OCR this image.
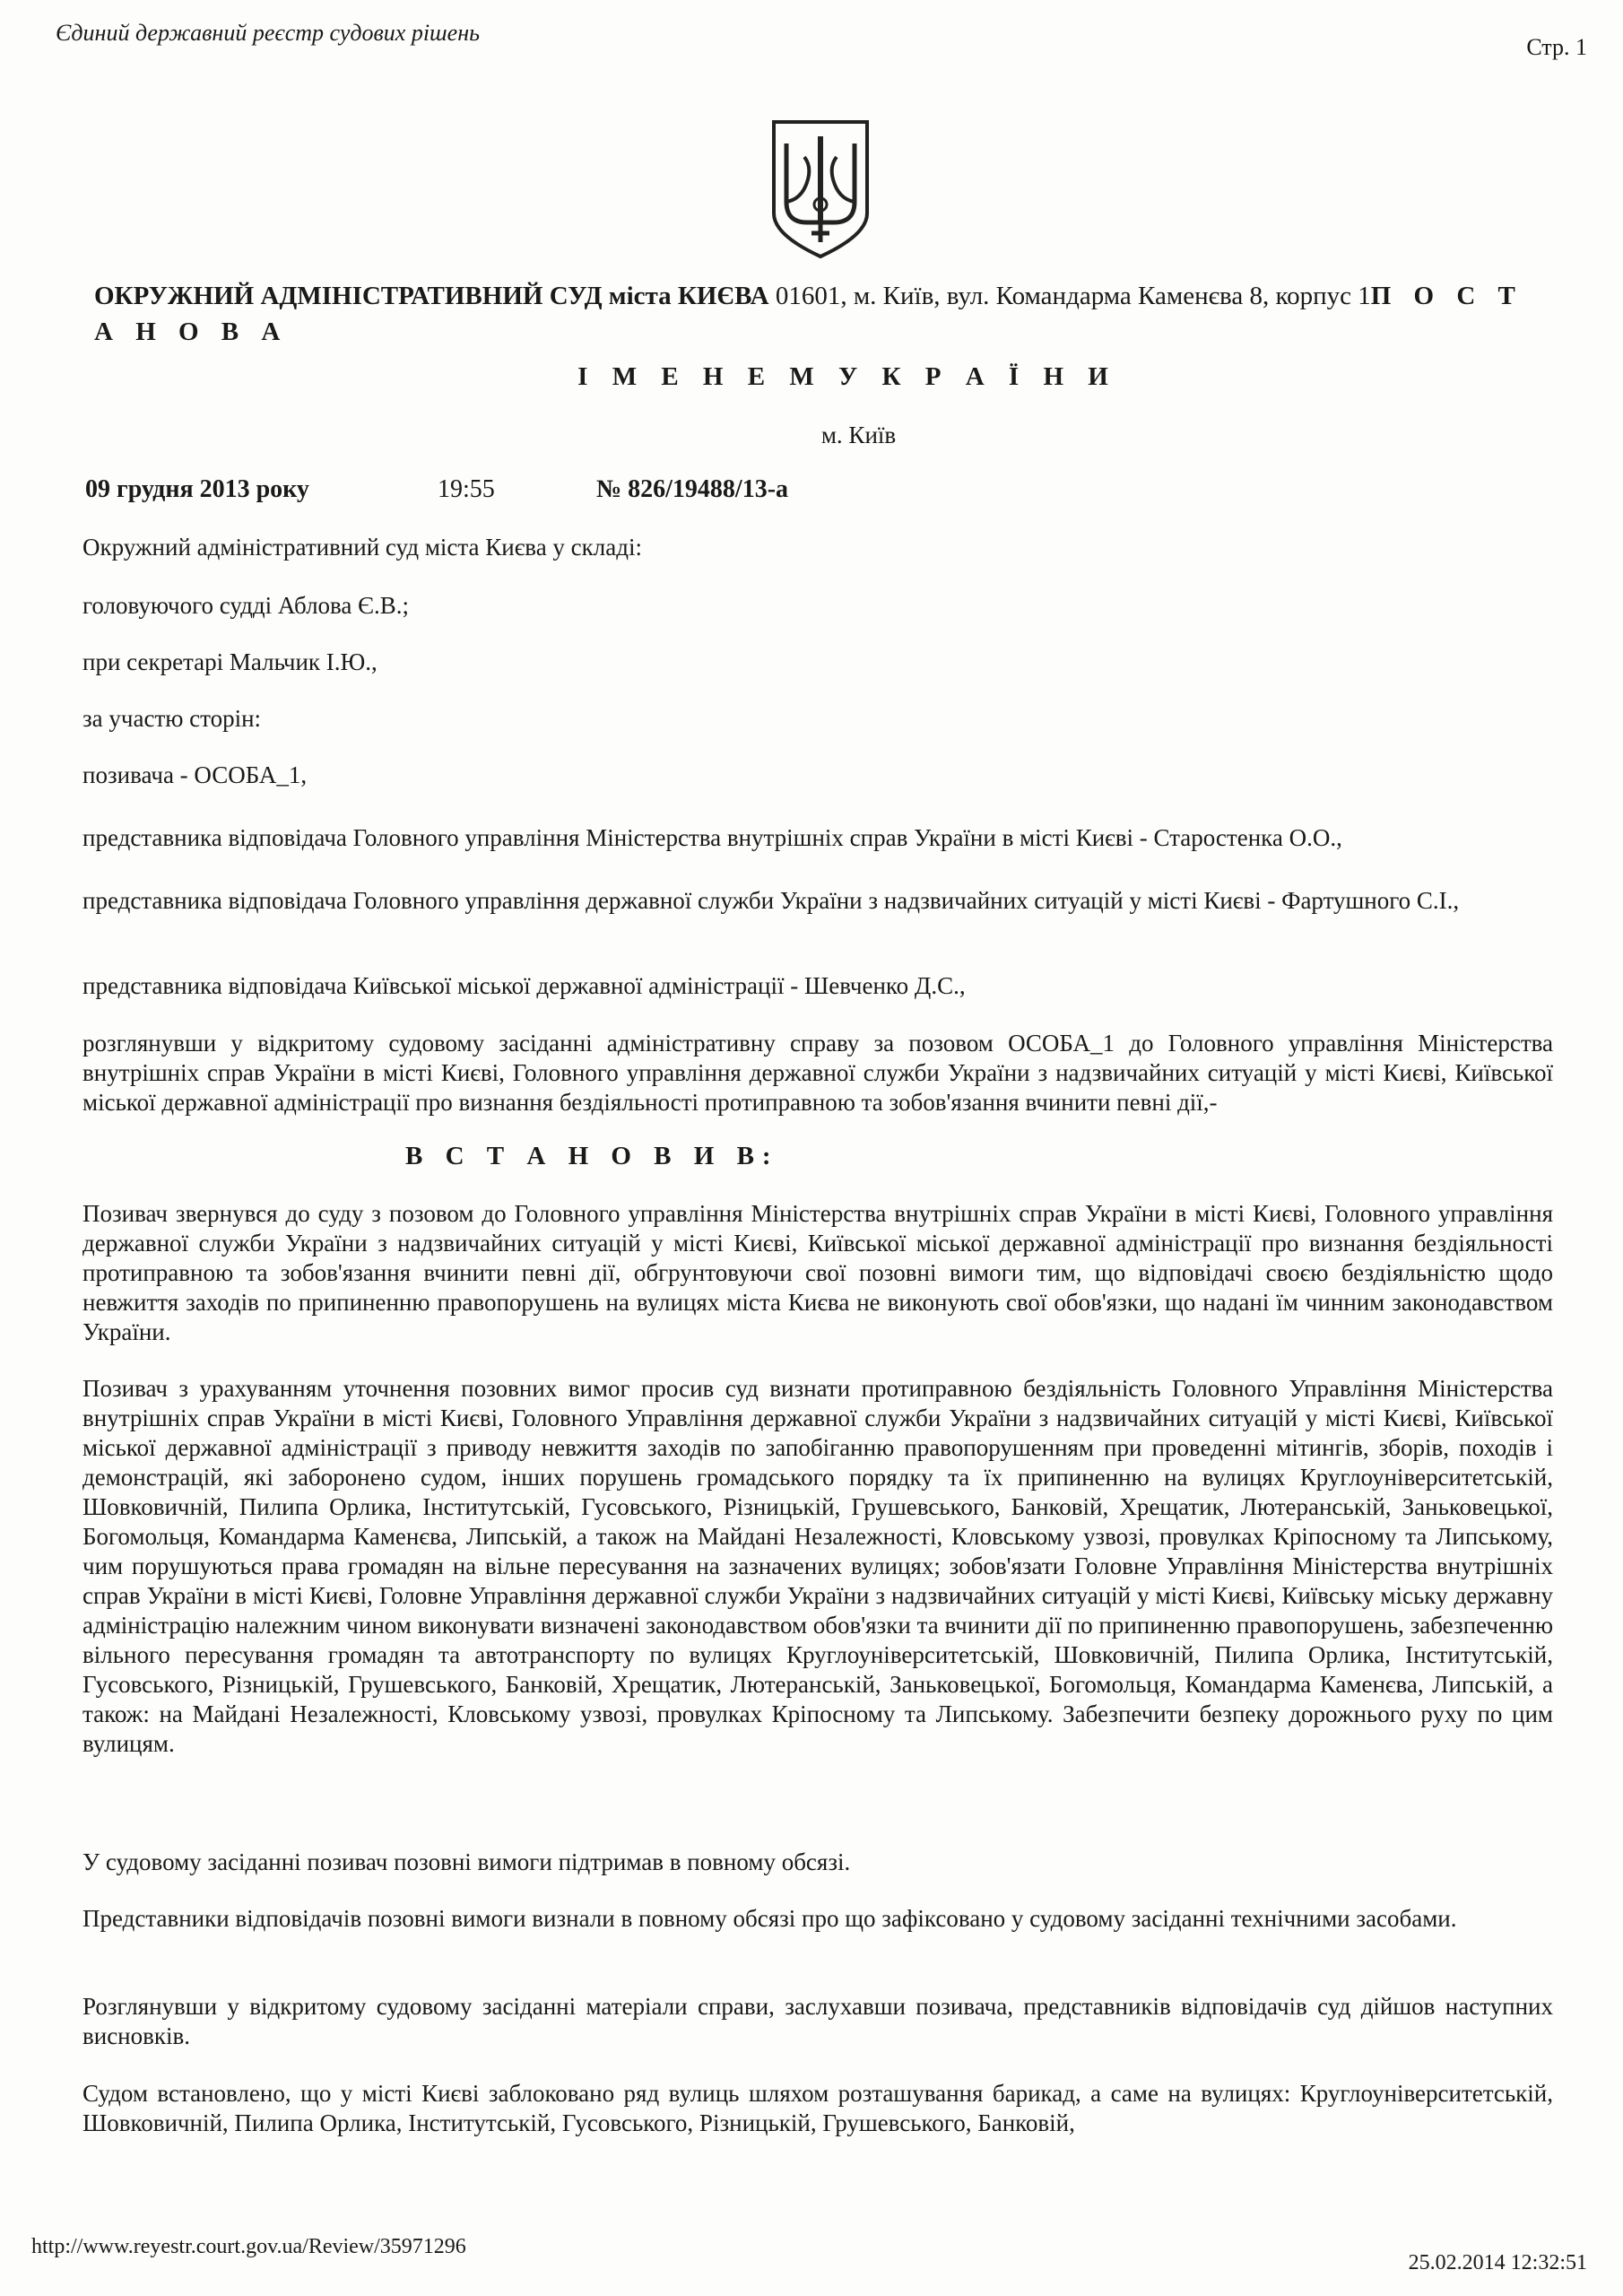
Єдиний державний реєстр судових рішень
Стр. 1
ОКРУЖНИЙ АДМІНІСТРАТИВНИЙ СУД міста КИЄВА 01601, м. Київ, вул. Командарма Каменєва 8, корпус 1П О С Т А Н О В А
І М Е Н Е М У К Р А Ї Н И
м. Київ
09 грудня 2013 року	19:55	№ 826/19488/13-а
Окружний адміністративний суд міста Києва у складі:
головуючого судді Аблова Є.В.;
при секретарі Мальчик І.Ю.,
за участю сторін:
позивача - ОСОБА_1,
представника відповідача Головного управління Міністерства внутрішніх справ України в місті Києві - Старостенка О.О.,
представника відповідача Головного управління державної служби України з надзвичайних ситуацій у місті Києві - Фартушного С.І.,
представника відповідача Київської міської державної адміністрації - Шевченко Д.С.,
розглянувши у відкритому судовому засіданні адміністративну справу за позовом ОСОБА_1 до Головного управління Міністерства внутрішніх справ України в місті Києві, Головного управління державної служби України з надзвичайних ситуацій у місті Києві, Київської міської державної адміністрації про визнання бездіяльності протиправною та зобов'язання вчинити певні дії,-
В С Т А Н О В И В:
Позивач звернувся до суду з позовом до Головного управління Міністерства внутрішніх справ України в місті Києві, Головного управління державної служби України з надзвичайних ситуацій у місті Києві, Київської міської державної адміністрації про визнання бездіяльності протиправною та зобов'язання вчинити певні дії, обгрунтовуючи свої позовні вимоги тим, що відповідачі своєю бездіяльністю щодо невжиття заходів по припиненню правопорушень на вулицях міста Києва не виконують свої обов'язки, що надані їм чинним законодавством України.
Позивач з урахуванням уточнення позовних вимог просив суд визнати протиправною бездіяльність Головного Управління Міністерства внутрішніх справ України в місті Києві, Головного Управління державної служби України з надзвичайних ситуацій у місті Києві, Київської міської державної адміністрації з приводу невжиття заходів по запобіганню правопорушенням при проведенні мітингів, зборів, походів і демонстрацій, які заборонено судом, інших порушень громадського порядку та їх припиненню на вулицях Круглоуніверситетській, Шовковичній, Пилипа Орлика, Інститутській, Гусовського, Різницькій, Грушевського, Банковій, Хрещатик, Лютеранській, Заньковецької, Богомольця, Командарма Каменєва, Липській, а також на Майдані Незалежності, Кловському узвозі, провулках Кріпосному та Липському, чим порушуються права громадян на вільне пересування на зазначених вулицях; зобов'язати Головне Управління Міністерства внутрішніх справ України в місті Києві, Головне Управління державної служби України з надзвичайних ситуацій у місті Києві, Київську міську державну адміністрацію належним чином виконувати визначені законодавством обов'язки та вчинити дії по припиненню правопорушень, забезпеченню вільного пересування громадян та автотранспорту по вулицях Круглоуніверситетській, Шовковичній, Пилипа Орлика, Інститутській, Гусовського, Різницькій, Грушевського, Банковій, Хрещатик, Лютеранській, Заньковецької, Богомольця, Командарма Каменєва, Липській, а також: на Майдані Незалежності, Кловському узвозі, провулках Кріпосному та Липському. Забезпечити безпеку дорожнього руху по цим вулицям.
У судовому засіданні позивач позовні вимоги підтримав в повному обсязі.
Представники відповідачів позовні вимоги визнали в повному обсязі про що зафіксовано у судовому засіданні технічними засобами.
Розглянувши у відкритому судовому засіданні матеріали справи, заслухавши позивача, представників відповідачів суд дійшов наступних висновків.
Судом встановлено, що у місті Києві заблоковано ряд вулиць шляхом розташування барикад, а саме на вулицях: Круглоуніверситетській, Шовковичній, Пилипа Орлика, Інститутській, Гусовського, Різницькій, Грушевського, Банковій,
http://www.reyestr.court.gov.ua/Review/35971296
25.02.2014 12:32:51
